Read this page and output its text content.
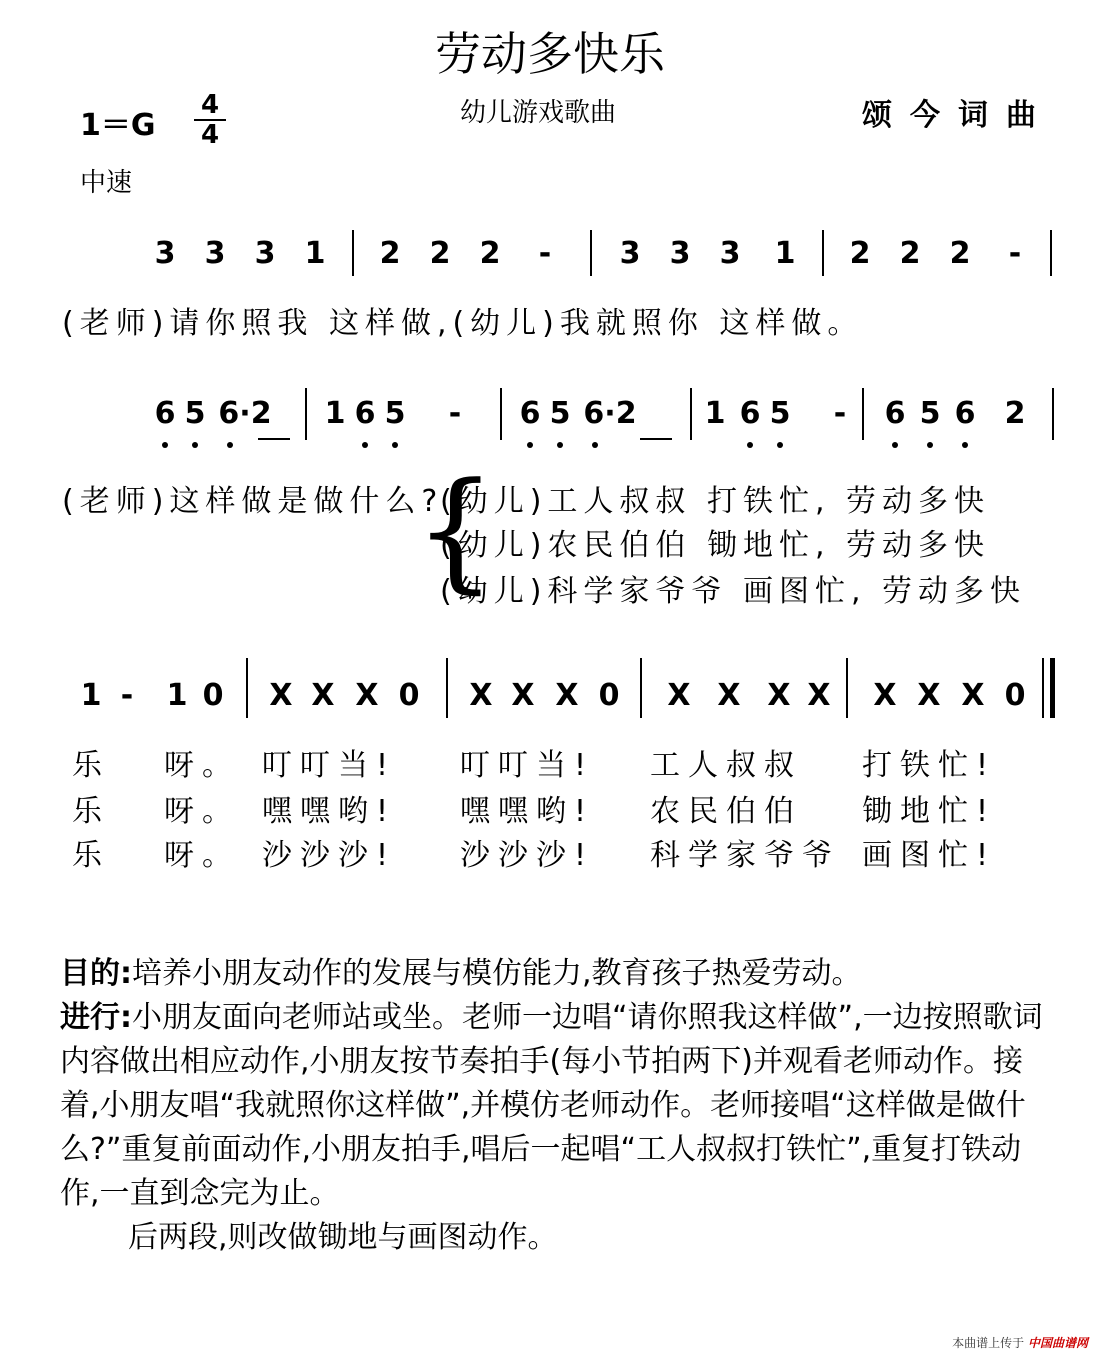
劳动多快乐
幼儿游戏歌曲	颂今词曲
1＝G
4
4
中速
3 3 3 1 2 2 2 - 3 3 3 1 2 2 2 -
(老师)请你照我 这样做,(幼儿)我就照你 这样做。
6 5 6·2 1 6 5 - 6 5 6·2 1 6 5 - 6 5 6 2
(老师)这样做是做什么?
{
(幼儿)工人叔叔 打铁忙, 劳动多快
(幼儿)农民伯伯 锄地忙, 劳动多快
(幼儿)科学家爷爷 画图忙, 劳动多快
1 - 1 0 X X X 0 X X X 0 X X X X X X X 0
乐 呀。 叮叮当! 叮叮当! 工人叔叔 打铁忙!
乐 呀。 嘿嘿哟! 嘿嘿哟! 农民伯伯 锄地忙!
乐 呀。 沙沙沙! 沙沙沙! 科学家爷爷 画图忙!
目的:培养小朋友动作的发展与模仿能力,教育孩子热爱劳动。
进行:小朋友面向老师站或坐。老师一边唱“请你照我这样做”,一边按照歌词内容做出相应动作,小朋友按节奏拍手(每小节拍两下)并观看老师动作。接着,小朋友唱“我就照你这样做”,并模仿老师动作。老师接唱“这样做是做什么?”重复前面动作,小朋友拍手,唱后一起唱“工人叔叔打铁忙”,重复打铁动作,一直到念完为止。
后两段,则改做锄地与画图动作。
本曲谱上传于 中国曲谱网
